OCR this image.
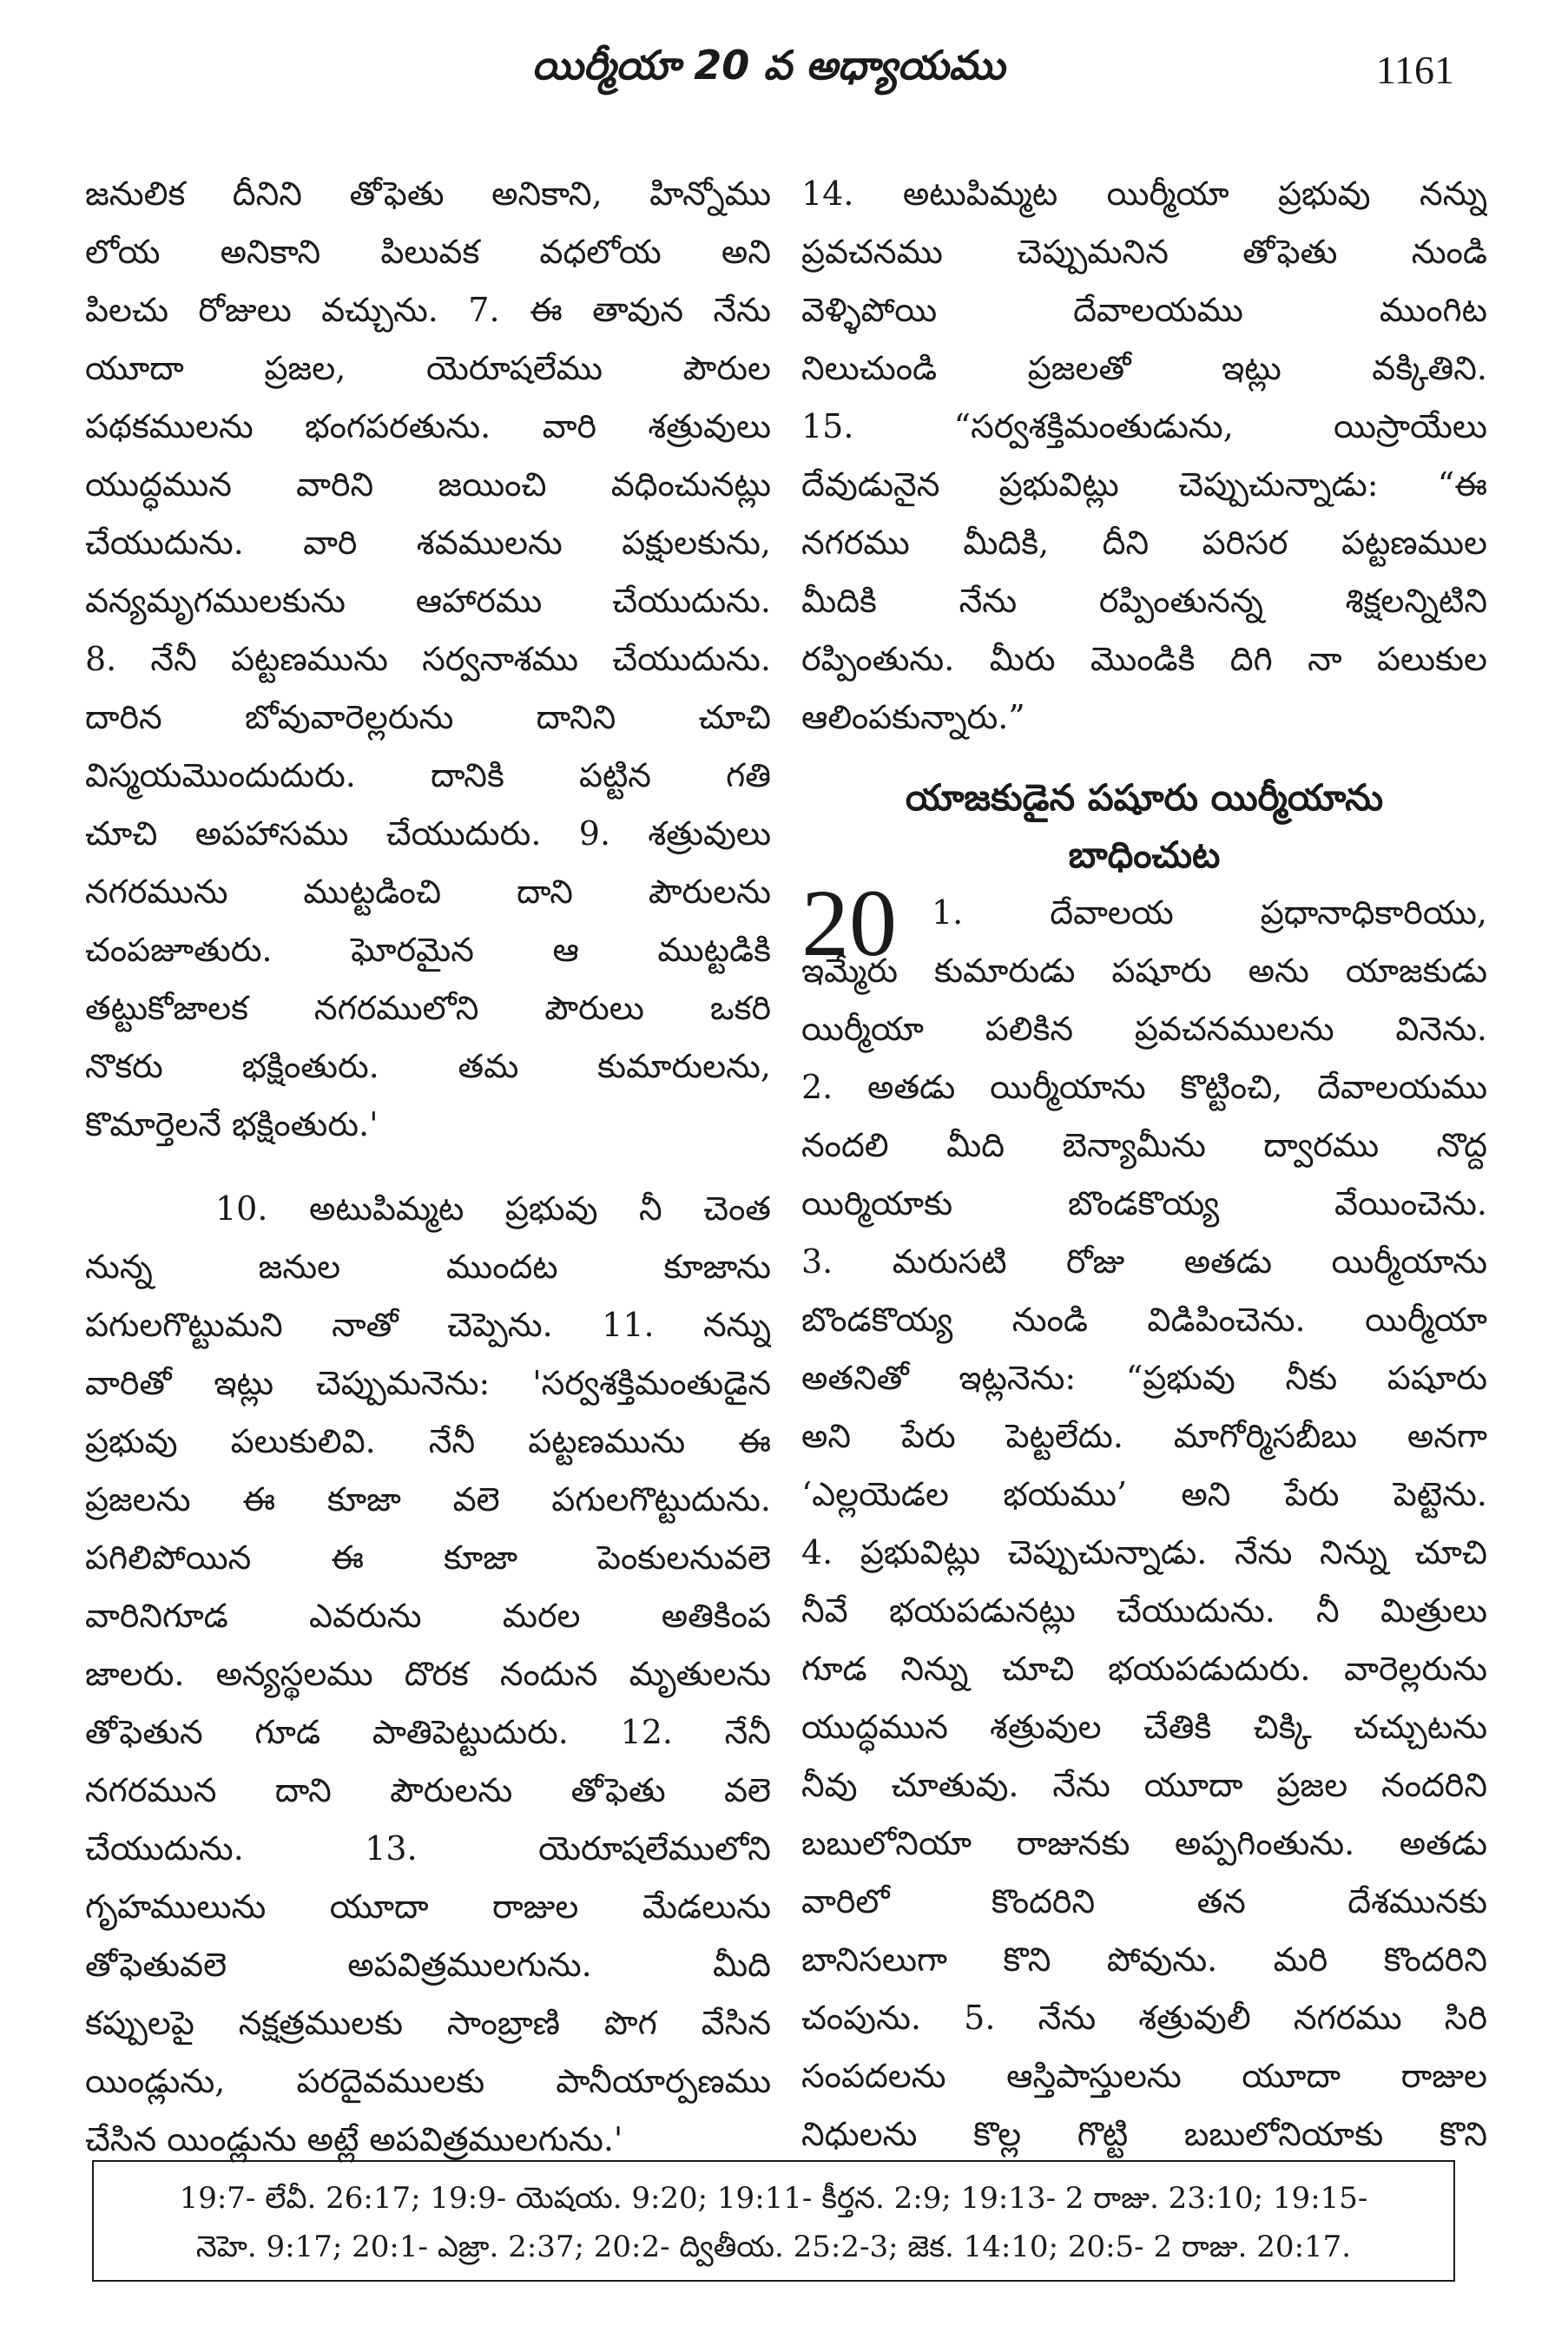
యిర్మీయా 20 వ అధ్యాయము	1161
జనులిక దీనిని తోఫెతు అనికాని, హిన్నోము
లోయ అనికాని పిలువక వధలోయ అని
పిలచు రోజులు వచ్చును. 7. ఈ తావున నేను
యూదా ప్రజల, యెరూషలేము పౌరుల
పథకములను భంగపరతును. వారి శత్రువులు
యుద్ధమున వారిని జయించి వధించునట్లు
చేయుదును. వారి శవములను పక్షులకును,
వన్యమృగములకును ఆహారము చేయుదును.
8. నేనీ పట్టణమును సర్వనాశము చేయుదును.
దారిన బోవువారెల్లరును దానిని చూచి
విస్మయమొందుదురు. దానికి పట్టిన గతి
చూచి అపహాసము చేయుదురు. 9. శత్రువులు
నగరమును ముట్టడించి దాని పౌరులను
చంపజూతురు. ఘోరమైన ఆ ముట్టడికి
తట్టుకోజాలక నగరములోని పౌరులు ఒకరి
నొకరు భక్షింతురు. తమ కుమారులను,
కొమార్తెలనే భక్షింతురు.'
10. అటుపిమ్మట ప్రభువు నీ చెంత
నున్న జనుల ముందట కూజాను
పగులగొట్టుమని నాతో చెప్పెను. 11. నన్ను
వారితో ఇట్లు చెప్పుమనెను: 'సర్వశక్తిమంతుడైన
ప్రభువు పలుకులివి. నేనీ పట్టణమును ఈ
ప్రజలను ఈ కూజా వలె పగులగొట్టుదును.
పగిలిపోయిన ఈ కూజా పెంకులనువలె
వారినిగూడ ఎవరును మరల అతికింప
జాలరు. అన్యస్థలము దొరక నందున మృతులను
తోఫెతున గూడ పాతిపెట్టుదురు. 12. నేనీ
నగరమున దాని పౌరులను తోఫెతు వలె
చేయుదును. 13. యెరూషలేములోని
గృహములును యూదా రాజుల మేడలును
తోఫెతువలె అపవిత్రములగును. మీది
కప్పులపై నక్షత్రములకు సాంబ్రాణి పొగ వేసిన
యిండ్లును, పరదైవములకు పానీయార్పణము
చేసిన యిండ్లును అట్లే అపవిత్రములగును.'
14. అటుపిమ్మట యిర్మీయా ప్రభువు నన్ను
ప్రవచనము చెప్పుమనిన తోఫెతు నుండి
వెళ్ళిపోయి దేవాలయము ముంగిట
నిలుచుండి ప్రజలతో ఇట్లు వక్కితిని.
15. “సర్వశక్తిమంతుడును, యిస్రాయేలు
దేవుడునైన ప్రభువిట్లు చెప్పుచున్నాడు: “ఈ
నగరము మీదికి, దీని పరిసర పట్టణముల
మీదికి నేను రప్పింతునన్న శిక్షలన్నిటిని
రప్పింతును. మీరు మొండికి దిగి నా పలుకుల
ఆలింపకున్నారు.”
యాజకుడైన పషూరు యిర్మీయాను
బాధించుట
20	1. దేవాలయ ప్రధానాధికారియు,
ఇమ్మేరు కుమారుడు పషూరు అను యాజకుడు
యిర్మీయా పలికిన ప్రవచనములను వినెను.
2. అతడు యిర్మీయాను కొట్టించి, దేవాలయము
నందలి మీది బెన్యామీను ద్వారము నొద్ద
యిర్మియాకు బొండకొయ్య వేయించెను.
3. మరుసటి రోజు అతడు యిర్మీయాను
బొండకొయ్య నుండి విడిపించెను. యిర్మీయా
అతనితో ఇట్లనెను: “ప్రభువు నీకు పషూరు
అని పేరు పెట్టలేదు. మాగోర్మిసబీబు అనగా
‘ఎల్లయెడల భయము’ అని పేరు పెట్టెను.
4. ప్రభువిట్లు చెప్పుచున్నాడు. నేను నిన్ను చూచి
నీవే భయపడునట్లు చేయుదును. నీ మిత్రులు
గూడ నిన్ను చూచి భయపడుదురు. వారెల్లరును
యుద్ధమున శత్రువుల చేతికి చిక్కి చచ్చుటను
నీవు చూతువు. నేను యూదా ప్రజల నందరిని
బబులోనియా రాజునకు అప్పగింతును. అతడు
వారిలో కొందరిని తన దేశమునకు
బానిసలుగా కొని పోవును. మరి కొందరిని
చంపును. 5. నేను శత్రువులీ నగరము సిరి
సంపదలను ఆస్తిపాస్తులను యూదా రాజుల
నిధులను కొల్ల గొట్టి బబులోనియాకు కొని
19:7- లేవీ. 26:17; 19:9- యెషయ. 9:20; 19:11- కీర్తన. 2:9; 19:13- 2 రాజు. 23:10; 19:15-
నెహె. 9:17; 20:1- ఎజ్రా. 2:37; 20:2- ద్వితీయ. 25:2-3; జెక. 14:10; 20:5- 2 రాజు. 20:17.
